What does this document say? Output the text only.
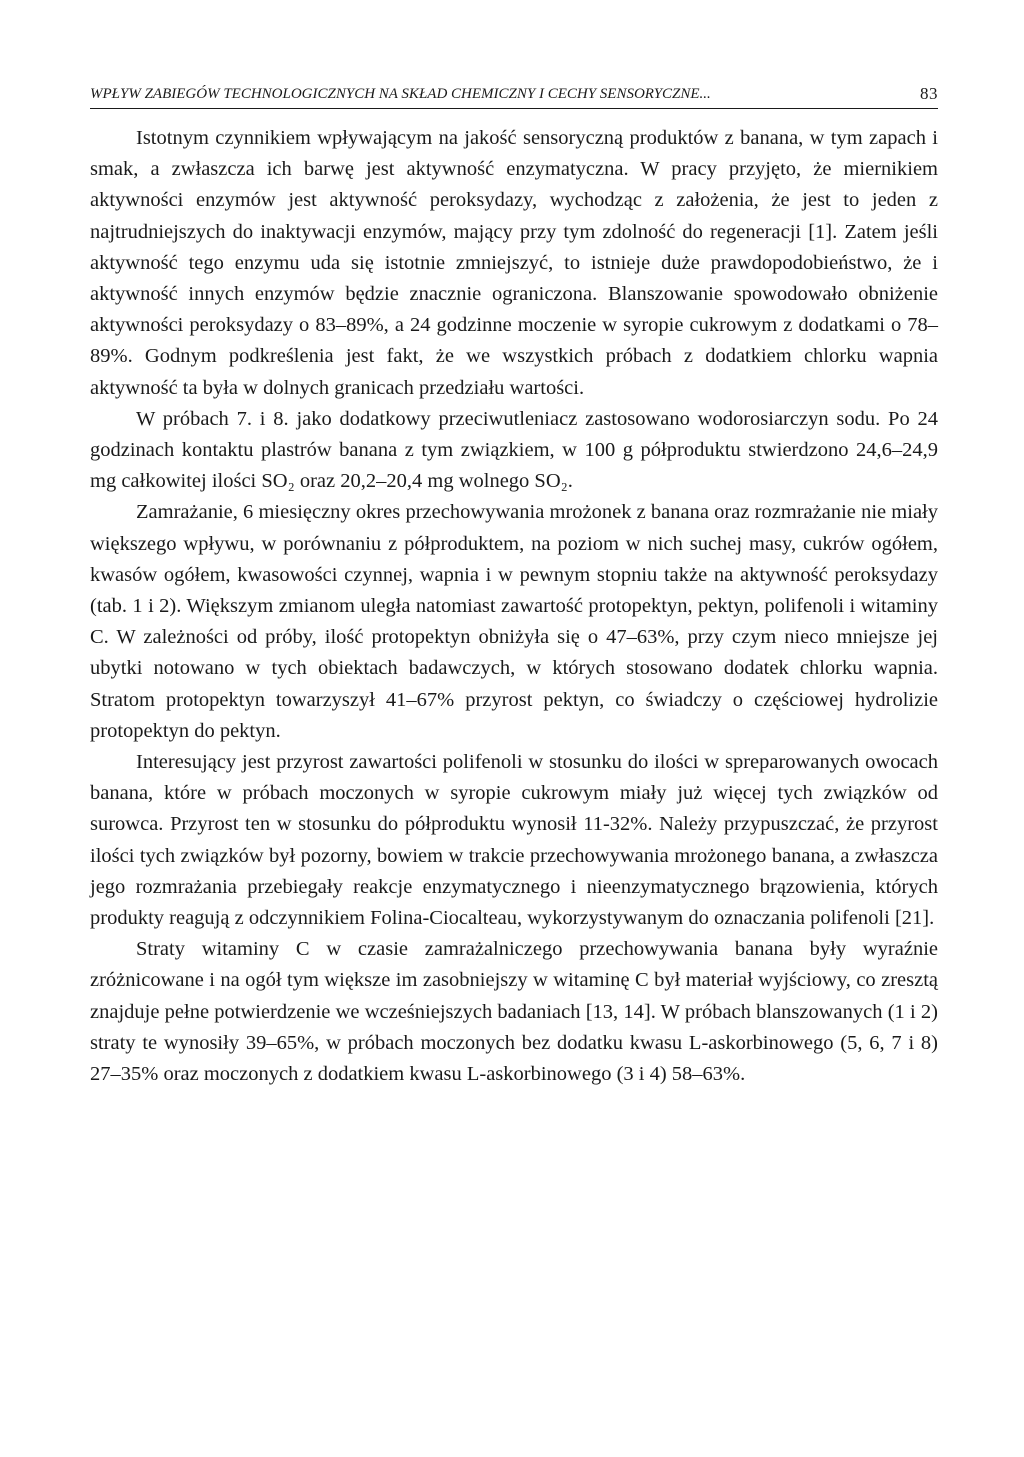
WPŁYW ZABIEGÓW TECHNOLOGICZNYCH NA SKŁAD CHEMICZNY I CECHY SENSORYCZNE...	83

Istotnym czynnikiem wpływającym na jakość sensoryczną produktów z banana, w tym zapach i smak, a zwłaszcza ich barwę jest aktywność enzymatyczna. W pracy przyjęto, że miernikiem aktywności enzymów jest aktywność peroksydazy, wychodząc z założenia, że jest to jeden z najtrudniejszych do inaktywacji enzymów, mający przy tym zdolność do regeneracji [1]. Zatem jeśli aktywność tego enzymu uda się istotnie zmniejszyć, to istnieje duże prawdopodobieństwo, że i aktywność innych enzymów będzie znacznie ograniczona. Blanszowanie spowodowało obniżenie aktywności peroksydazy o 83–89%, a 24 godzinne moczenie w syropie cukrowym z dodatkami o 78–89%. Godnym podkreślenia jest fakt, że we wszystkich próbach z dodatkiem chlorku wapnia aktywność ta była w dolnych granicach przedziału wartości.

W próbach 7. i 8. jako dodatkowy przeciwutleniacz zastosowano wodorosiarczyn sodu. Po 24 godzinach kontaktu plastrów banana z tym związkiem, w 100 g półproduktu stwierdzono 24,6–24,9 mg całkowitej ilości SO₂ oraz 20,2–20,4 mg wolnego SO₂.

Zamrażanie, 6 miesięczny okres przechowywania mrożonek z banana oraz rozmrażanie nie miały większego wpływu, w porównaniu z półproduktem, na poziom w nich suchej masy, cukrów ogółem, kwasów ogółem, kwasowości czynnej, wapnia i w pewnym stopniu także na aktywność peroksydazy (tab. 1 i 2). Większym zmianom uległa natomiast zawartość protopektyn, pektyn, polifenoli i witaminy C. W zależności od próby, ilość protopektyn obniżyła się o 47–63%, przy czym nieco mniejsze jej ubytki notowano w tych obiektach badawczych, w których stosowano dodatek chlorku wapnia. Stratom protopektyn towarzyszył 41–67% przyrost pektyn, co świadczy o częściowej hydrolizie protopektyn do pektyn.

Interesujący jest przyrost zawartości polifenoli w stosunku do ilości w spreparowanych owocach banana, które w próbach moczonych w syropie cukrowym miały już więcej tych związków od surowca. Przyrost ten w stosunku do półproduktu wynosił 11-32%. Należy przypuszczać, że przyrost ilości tych związków był pozorny, bowiem w trakcie przechowywania mrożonego banana, a zwłaszcza jego rozmrażania przebiegały reakcje enzymatycznego i nieenzymatycznego brązowienia, których produkty reagują z odczynnikiem Folina-Ciocalteau, wykorzystywanym do oznaczania polifenoli [21].

Straty witaminy C w czasie zamrażalniczego przechowywania banana były wyraźnie zróżnicowane i na ogół tym większe im zasobniejszy w witaminę C był materiał wyjściowy, co zresztą znajduje pełne potwierdzenie we wcześniejszych badaniach [13, 14]. W próbach blanszowanych (1 i 2) straty te wynosiły 39–65%, w próbach moczonych bez dodatku kwasu L-askorbinowego (5, 6, 7 i 8) 27–35% oraz moczonych z dodatkiem kwasu L-askorbinowego (3 i 4) 58–63%.
